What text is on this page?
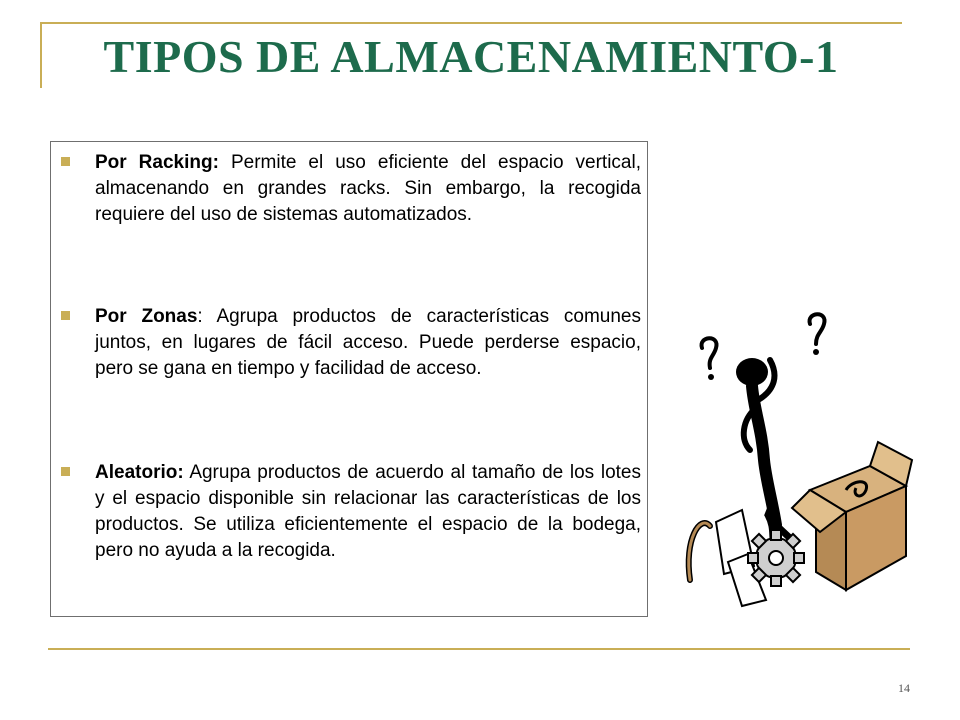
TIPOS DE ALMACENAMIENTO-1

Por Racking: Permite el uso eficiente del espacio vertical, almacenando en grandes racks. Sin embargo, la recogida requiere del uso de sistemas automatizados.

Por Zonas: Agrupa productos de características comunes juntos, en lugares de fácil acceso. Puede perderse espacio, pero se gana en tiempo y facilidad de acceso.

Aleatorio: Agrupa productos de acuerdo al tamaño de los lotes y el espacio disponible sin relacionar las características de los productos. Se utiliza eficientemente el espacio de la bodega, pero no ayuda a la recogida.

14
